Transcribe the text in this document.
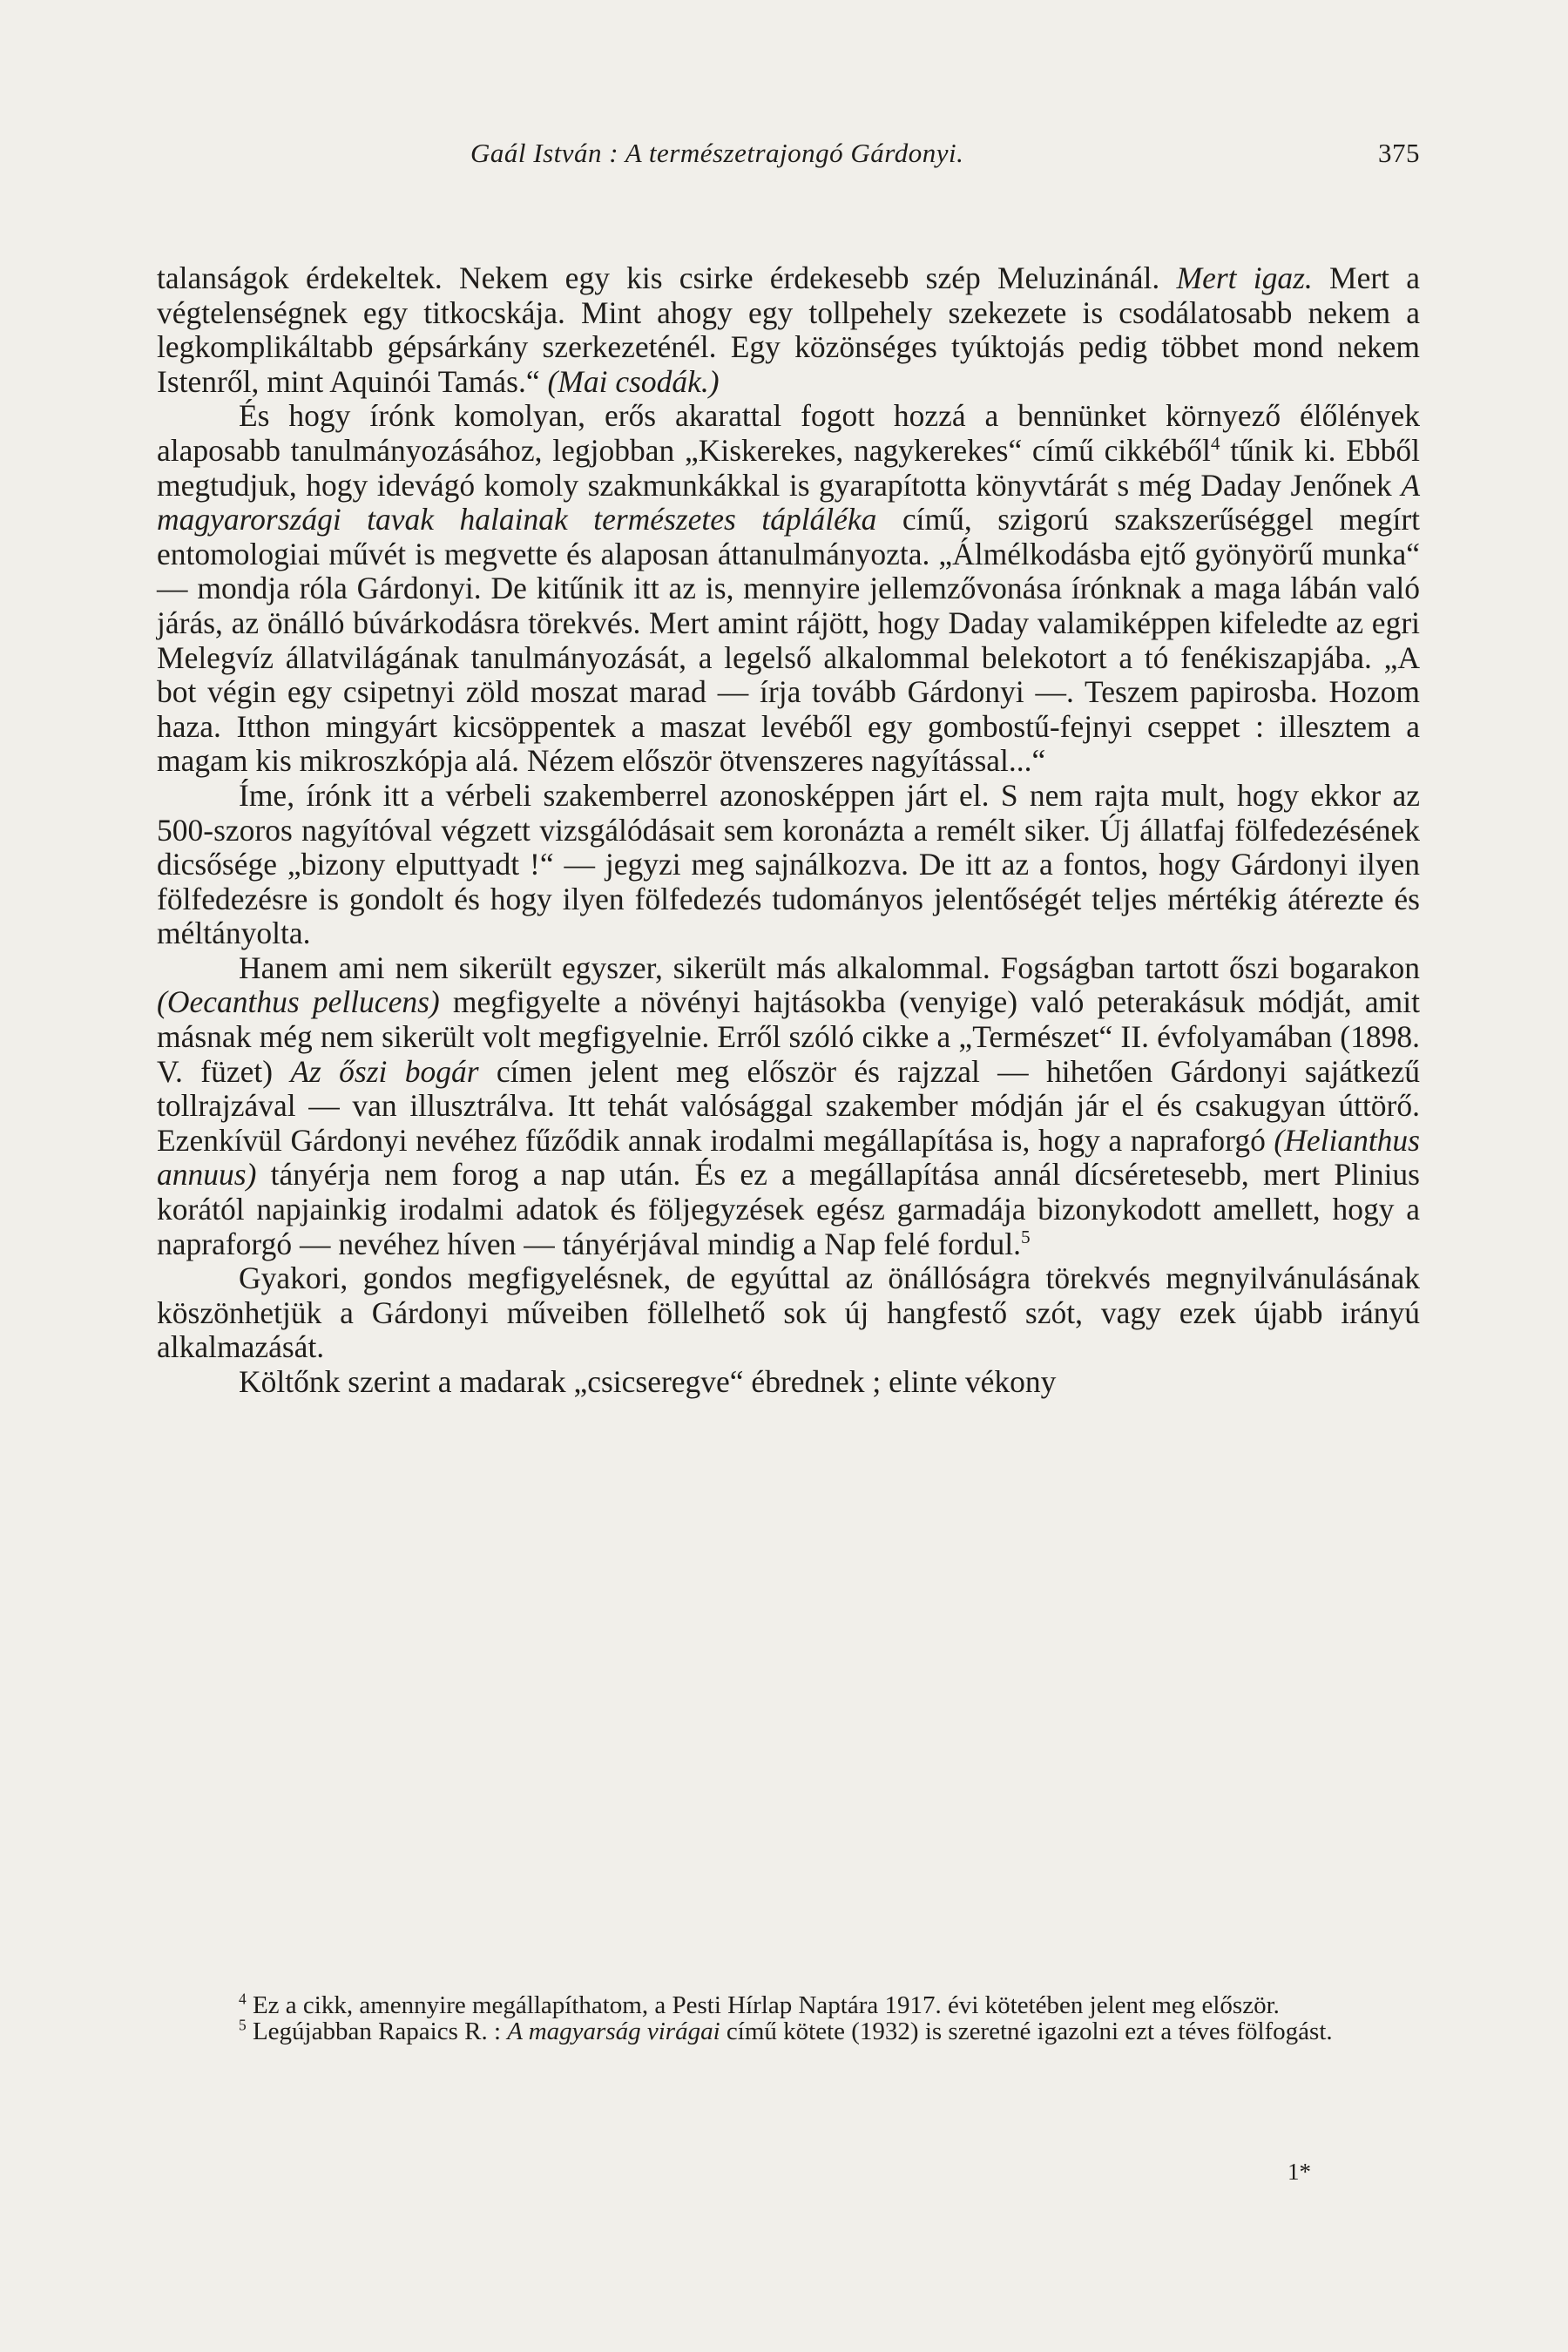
Gaál István : A természetrajongó Gárdonyi.	375

talanságok érdekeltek. Nekem egy kis csirke érdekesebb szép Meluzinánál. Mert igaz. Mert a végtelenségnek egy titkocskája. Mint ahogy egy tollpehely szekezete is csodálatosabb nekem a legkomplikáltabb gépsárkány szerkezeténél. Egy közönséges tyúktojás pedig többet mond nekem Istenről, mint Aquinói Tamás.“ (Mai csodák.)

És hogy írónk komolyan, erős akarattal fogott hozzá a bennünket környező élőlények alaposabb tanulmányozásához, legjobban „Kiskerekes, nagykerekes“ című cikkéből$^4$ tűnik ki. Ebből megtudjuk, hogy idevágó komoly szakmunkákkal is gyarapította könyvtárát s még Daday Jenőnek A magyarországi tavak halainak természetes tápláléka című, szigorú szakszerűséggel megírt entomologiai művét is megvette és alaposan áttanulmányozta. „Álmélkodásba ejtő gyönyörű munka“ — mondja róla Gárdonyi. De kitűnik itt az is, mennyire jellemzővonása írónknak a maga lábán való járás, az önálló búvárkodásra törekvés. Mert amint rájött, hogy Daday valamiképpen kifeledte az egri Melegvíz állatvilágának tanulmányozását, a legelső alkalommal belekotort a tó fenékiszapjába. „A bot végin egy csipetnyi zöld moszat marad — írja tovább Gárdonyi —. Teszem papirosba. Hozom haza. Itthon mingyárt kicsöppentek a maszat levéből egy gombostű-fejnyi cseppet : illesztem a magam kis mikroszkópja alá. Nézem először ötvenszeres nagyítással...“

Íme, írónk itt a vérbeli szakemberrel azonosképpen járt el. S nem rajta mult, hogy ekkor az 500-szoros nagyítóval végzett vizsgálódásait sem koronázta a remélt siker. Új állatfaj fölfedezésének dicsősége „bizony elputtyadt !“ — jegyzi meg sajnálkozva. De itt az a fontos, hogy Gárdonyi ilyen fölfedezésre is gondolt és hogy ilyen fölfedezés tudományos jelentőségét teljes mértékig átérezte és méltányolta.

Hanem ami nem sikerült egyszer, sikerült más alkalommal. Fogságban tartott őszi bogarakon (Oecanthus pellucens) megfigyelte a növényi hajtásokba (venyige) való peterakásuk módját, amit másnak még nem sikerült volt megfigyelnie. Erről szóló cikke a „Természet“ II. évfolyamában (1898. V. füzet) Az őszi bogár címen jelent meg először és rajzzal — hihetően Gárdonyi sajátkezű tollrajzával — van illusztrálva. Itt tehát valósággal szakember módján jár el és csakugyan úttörő. Ezenkívül Gárdonyi nevéhez fűződik annak irodalmi megállapítása is, hogy a napraforgó (Helianthus annuus) tányérja nem forog a nap után. És ez a megállapítása annál dícséretesebb, mert Plinius korától napjainkig irodalmi adatok és följegyzések egész garmadája bizonykodott amellett, hogy a napraforgó — nevéhez híven — tányérjával mindig a Nap felé fordul.$^5$

Gyakori, gondos megfigyelésnek, de egyúttal az önállóságra törekvés megnyilvánulásának köszönhetjük a Gárdonyi műveiben föllelhető sok új hangfestő szót, vagy ezek újabb irányú alkalmazását.

Költőnk szerint a madarak „csicseregve“ ébrednek ; elinte vékony

$^4$ Ez a cikk, amennyire megállapíthatom, a Pesti Hírlap Naptára 1917. évi kötetében jelent meg először.

$^5$ Legújabban Rapaics R. : A magyarság virágai című kötete (1932) is szeretné igazolni ezt a téves fölfogást.

1*
